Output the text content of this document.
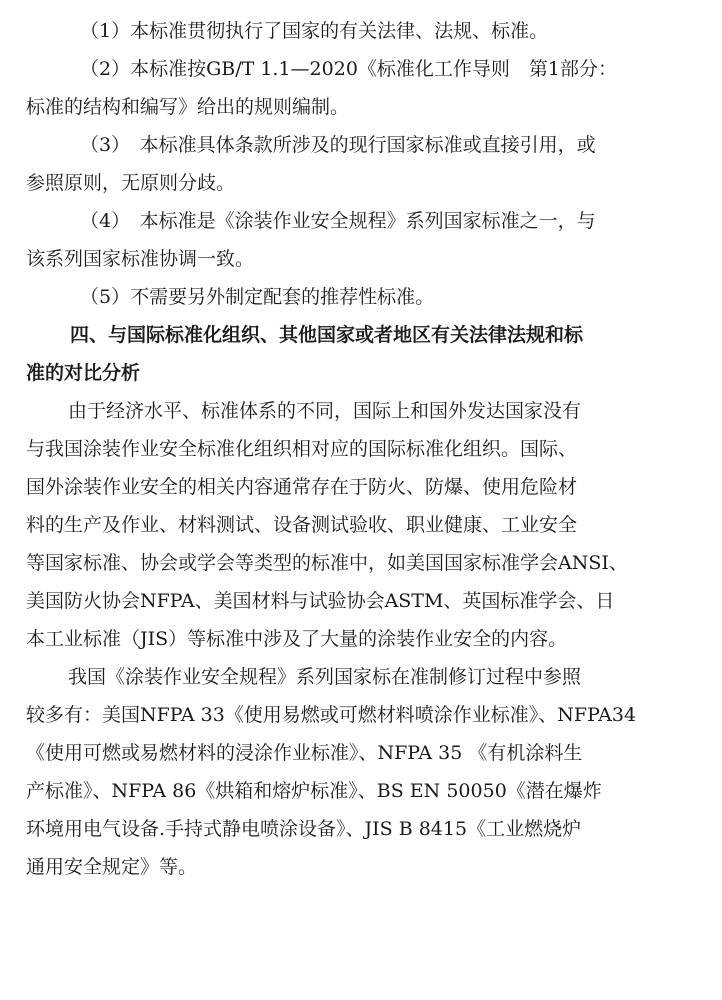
（1）本标准贯彻执行了国家的有关法律、法规、标准。
（2）本标准按GB/T 1.1—2020《标准化工作导则　第1部分：
标准的结构和编写》给出的规则编制。
（3）　本标准具体条款所涉及的现行国家标准或直接引用，或
参照原则，无原则分歧。
（4）　本标准是《涂装作业安全规程》系列国家标准之一，与
该系列国家标准协调一致。
（5）不需要另外制定配套的推荐性标准。
四、与国际标准化组织、其他国家或者地区有关法律法规和标
准的对比分析
由于经济水平、标准体系的不同，国际上和国外发达国家没有
与我国涂装作业安全标准化组织相对应的国际标准化组织。国际、
国外涂装作业安全的相关内容通常存在于防火、防爆、使用危险材
料的生产及作业、材料测试、设备测试验收、职业健康、工业安全
等国家标准、协会或学会等类型的标准中，如美国国家标准学会ANSI、
美国防火协会NFPA、美国材料与试验协会ASTM、英国标准学会、日
本工业标准（JIS）等标准中涉及了大量的涂装作业安全的内容。
我国《涂装作业安全规程》系列国家标在准制修订过程中参照
较多有：美国NFPA 33《使用易燃或可燃材料喷涂作业标准》、NFPA34
《使用可燃或易燃材料的浸涂作业标准》、NFPA 35 《有机涂料生
产标准》、NFPA 86《烘箱和熔炉标准》、BS EN 50050《潜在爆炸
环境用电气设备.手持式静电喷涂设备》、JIS B 8415《工业燃烧炉
通用安全规定》等。
